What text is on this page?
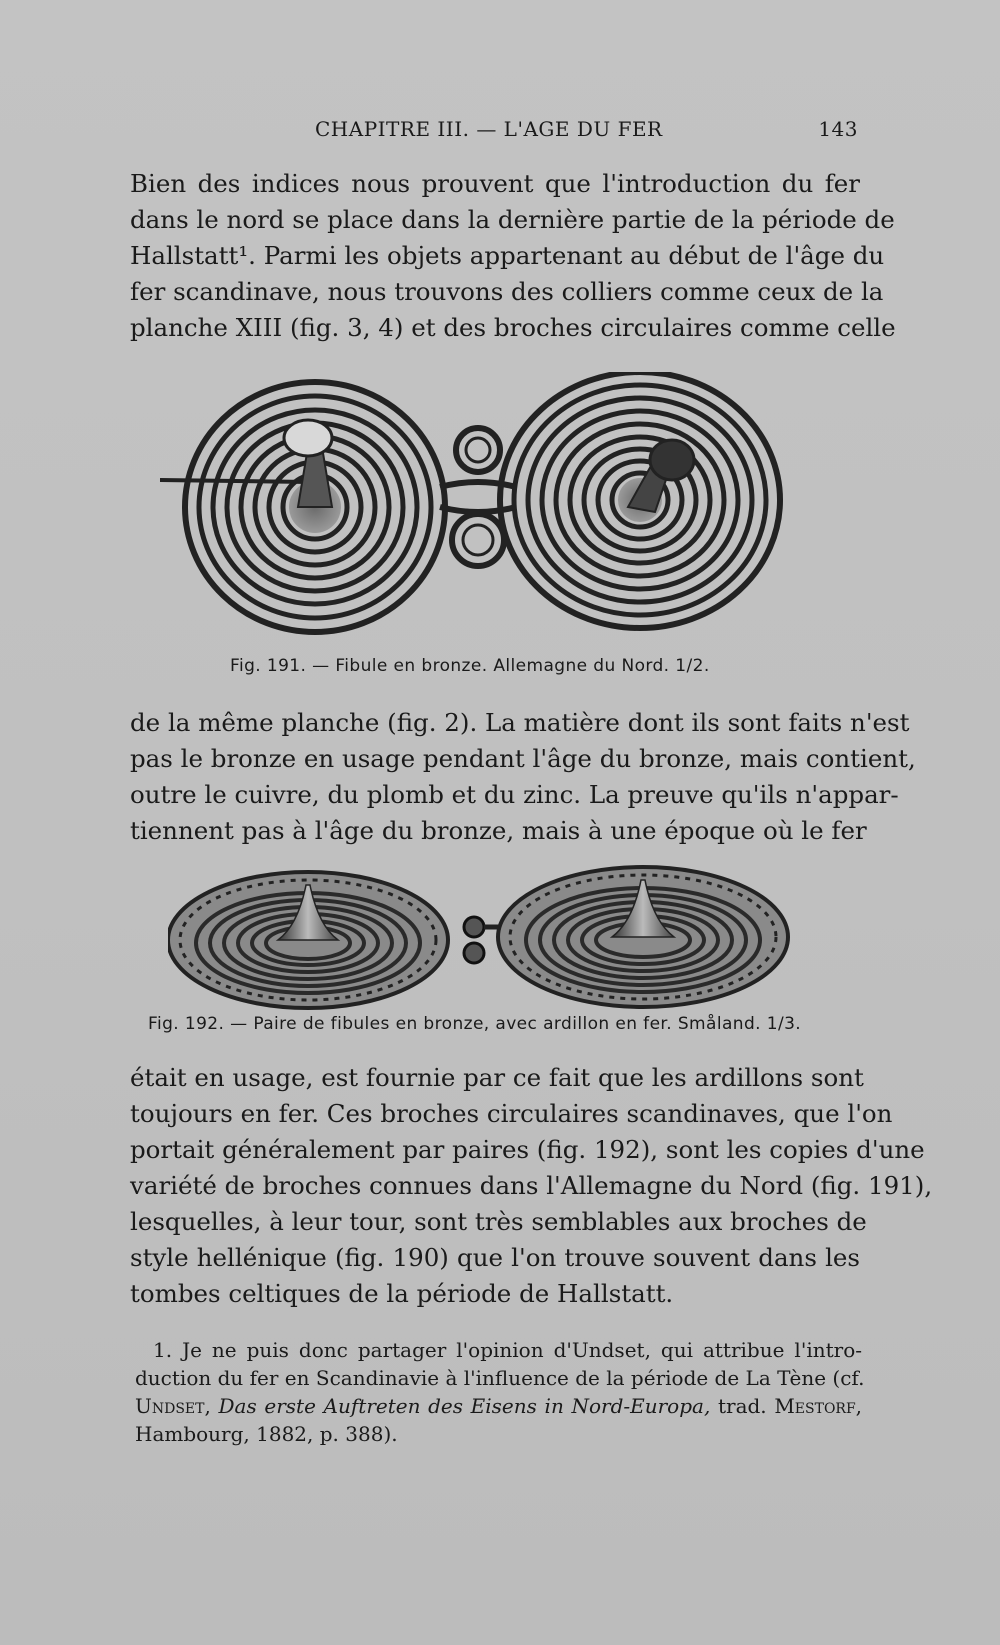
CHAPITRE III. — L'AGE DU FER	143
Bien des indices nous prouvent que l'introduction du fer
dans le nord se place dans la dernière partie de la période de
Hallstatt¹. Parmi les objets appartenant au début de l'âge du
fer scandinave, nous trouvons des colliers comme ceux de la
planche XIII (fig. 3, 4) et des broches circulaires comme celle
Fig. 191. — Fibule en bronze. Allemagne du Nord. 1/2.
de la même planche (fig. 2). La matière dont ils sont faits n'est
pas le bronze en usage pendant l'âge du bronze, mais contient,
outre le cuivre, du plomb et du zinc. La preuve qu'ils n'appar-
tiennent pas à l'âge du bronze, mais à une époque où le fer
Fig. 192. — Paire de fibules en bronze, avec ardillon en fer. Småland. 1/3.
était en usage, est fournie par ce fait que les ardillons sont
toujours en fer. Ces broches circulaires scandinaves, que l'on
portait généralement par paires (fig. 192), sont les copies d'une
variété de broches connues dans l'Allemagne du Nord (fig. 191),
lesquelles, à leur tour, sont très semblables aux broches de
style hellénique (fig. 190) que l'on trouve souvent dans les
tombes celtiques de la période de Hallstatt.
1. Je ne puis donc partager l'opinion d'Undset, qui attribue l'intro-
duction du fer en Scandinavie à l'influence de la période de La Tène (cf.
Undset, Das erste Auftreten des Eisens in Nord-Europa, trad. Mestorf,
Hambourg, 1882, p. 388).
